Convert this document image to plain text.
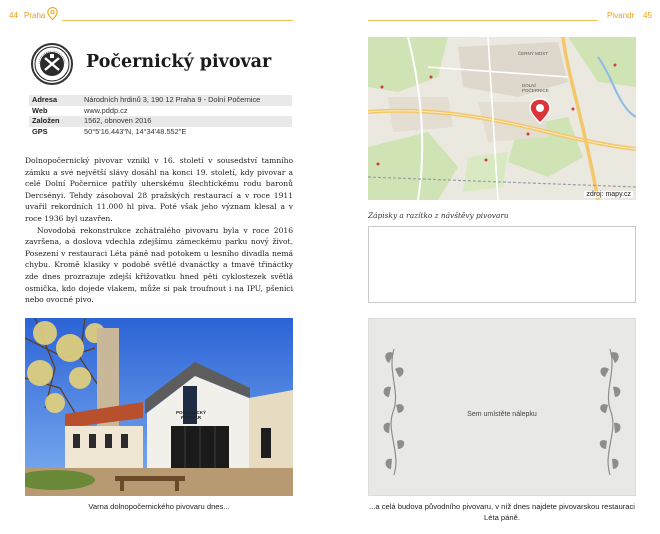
44 Praha
Počernický pivovar
Adresa	Národních hrdinů 3, 190 12 Praha 9 - Dolní Počernice
Web	www.pddp.cz
Založen	1562, obnoven 2016
GPS	50°5'16.443"N, 14°34'48.552"E

Dolnopočernický pivovar vznikl v 16. století v sousedství tamního zámku a své největší slávy dosáhl na konci 19. století, kdy pivovar a celé Dolní Počernice patřily uherskému šlechtickému rodu baronů Dercsényi. Tehdy zásoboval 28 pražských restaurací a v roce 1911 uvařil rekordních 11.000 hl piva. Poté však jeho význam klesal a v roce 1936 byl uzavřen.

Novodobá rekonstrukce zchátralého pivovaru byla v roce 2016 završena, a doslova vdechla zdejšímu zámeckému parku nový život. Posezení v restauraci Léta páně nad potokem u lesního divadla nemá chybu. Kromě klasiky v podobě světlé dvanáctky a tmavé třináctky zde dnes prozrazuje zdejší křižovatku hned pěti cyklostezek světlá osmička, kdo dojede vlakem, může si pak troufnout i na IPU, pšenici nebo ovocné pivo.

POČERNICKÝ PIVOVAR
Varna dolnopočernického pivovaru dnes...
Pivandr 45
ČERNÝ MOST
DOLNÍ POČERNICE
zdroj: mapy.cz
Zápisky a razítko z návštěvy pivovaru
Sem umístěte nálepku
...a celá budova původního pivovaru, v níž dnes najdete pivovarskou restauraci Léta páně.
